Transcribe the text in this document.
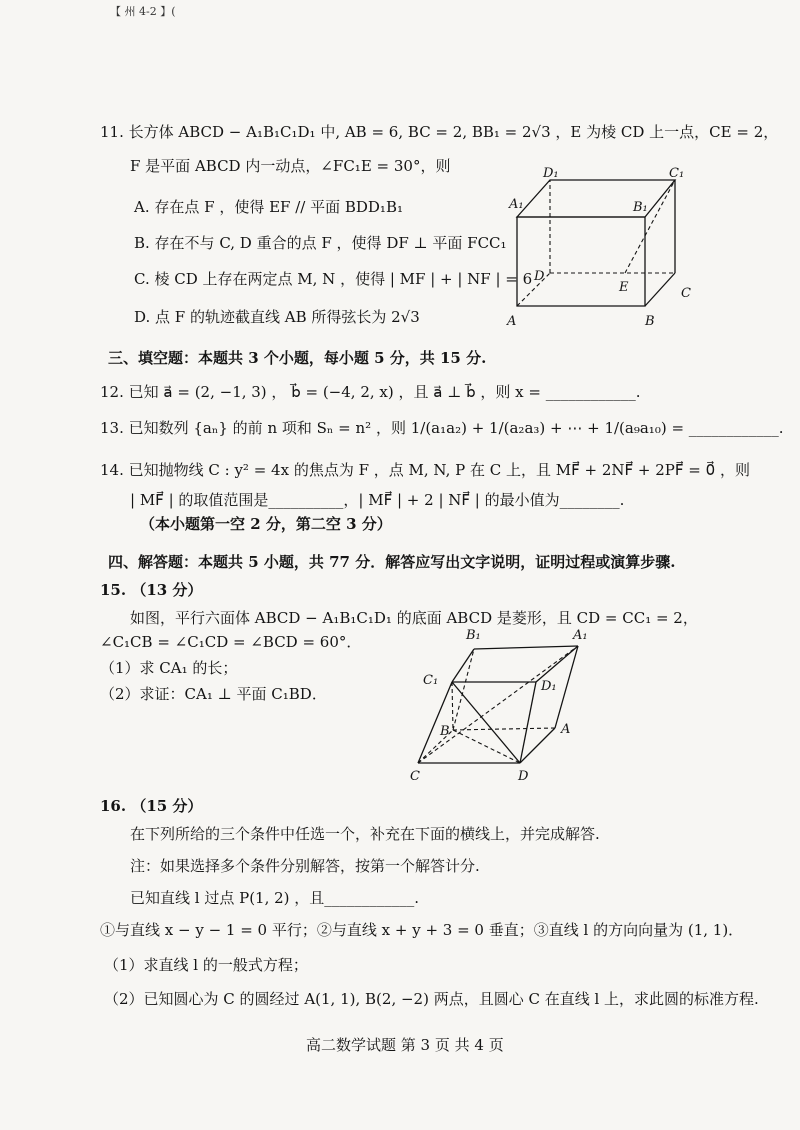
【 州 4-2 】(
11. 长方体 ABCD − A₁B₁C₁D₁ 中, AB = 6, BC = 2, BB₁ = 2√3 ，E 为棱 CD 上一点，CE = 2，
F 是平面 ABCD 内一动点，∠FC₁E = 30°，则
A. 存在点 F ，使得 EF // 平面 BDD₁B₁
B. 存在不与 C, D 重合的点 F ，使得 DF ⊥ 平面 FCC₁
C. 棱 CD 上存在两定点 M, N ，使得 | MF | + | NF | = 6
D. 点 F 的轨迹截直线 AB 所得弦长为 2√3	A	B
C
D
E
A₁	B₁
C₁
D₁
三、填空题：本题共 3 个小题，每小题 5 分，共 15 分.
12. 已知 a⃗ = (2, −1, 3) ， b⃗ = (−4, 2, x) ，且 a⃗ ⊥ b⃗ ，则 x = ____________.
13. 已知数列 {aₙ} 的前 n 项和 Sₙ = n² ，则 1/(a₁a₂) + 1/(a₂a₃) + ⋯ + 1/(a₉a₁₀) = ____________.
14. 已知抛物线 C : y² = 4x 的焦点为 F ，点 M, N, P 在 C 上，且 MF⃗ + 2NF⃗ + 2PF⃗ = 0⃗ ，则
| MF⃗ | 的取值范围是__________，| MF⃗ | + 2 | NF⃗ | 的最小值为________.
（本小题第一空 2 分，第二空 3 分）
四、解答题：本题共 5 小题，共 77 分．解答应写出文字说明，证明过程或演算步骤.
15. （13 分）
如图，平行六面体 ABCD − A₁B₁C₁D₁ 的底面 ABCD 是菱形，且 CD = CC₁ = 2，
∠C₁CB = ∠C₁CD = ∠BCD = 60°．
（1）求 CA₁ 的长；
（2）求证：CA₁ ⊥ 平面 C₁BD．
C	D
A
B
C₁
B₁	A₁
D₁
16. （15 分）
在下列所给的三个条件中任选一个，补充在下面的横线上，并完成解答.
注：如果选择多个条件分别解答，按第一个解答计分.
已知直线 l 过点 P(1, 2) ，且____________.
①与直线 x − y − 1 = 0 平行；②与直线 x + y + 3 = 0 垂直；③直线 l 的方向向量为 (1, 1)．
（1）求直线 l 的一般式方程；
（2）已知圆心为 C 的圆经过 A(1, 1), B(2, −2) 两点，且圆心 C 在直线 l 上，求此圆的标准方程.
高二数学试题 第 3 页 共 4 页
